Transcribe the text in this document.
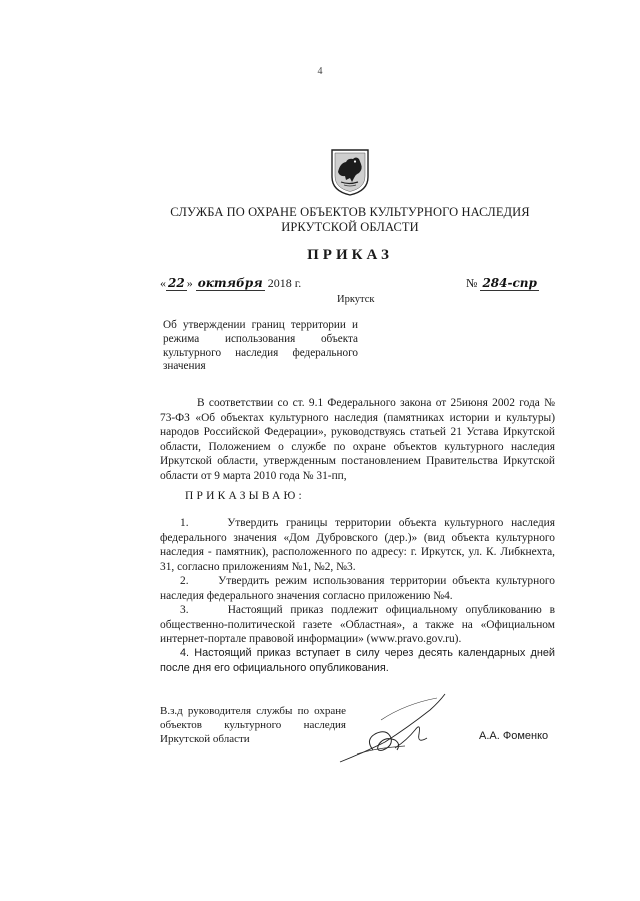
4
СЛУЖБА ПО ОХРАНЕ ОБЪЕКТОВ КУЛЬТУРНОГО НАСЛЕДИЯ
ИРКУТСКОЙ ОБЛАСТИ
ПРИКАЗ
« 22 » октября 2018 г.	№ 284-спр
Иркутск
Об утверждении границ территории и режима использования объекта культурного наследия федерального значения

В соответствии со ст. 9.1 Федерального закона от 25июня 2002 года № 73-ФЗ «Об объектах культурного наследия (памятниках истории и культуры) народов Российской Федерации», руководствуясь статьей 21 Устава Иркутской области, Положением о службе по охране объектов культурного наследия Иркутской области, утвержденным постановлением Правительства Иркутской области от 9 марта 2010 года № 31-пп,

ПРИКАЗЫВАЮ:

1.     Утвердить границы территории объекта культурного наследия федерального значения «Дом Дубровского (дер.)» (вид объекта культурного наследия - памятник), расположенного по адресу: г. Иркутск, ул. К. Либкнехта, 31, согласно приложениям №1, №2, №3.

2.     Утвердить режим использования территории объекта культурного наследия федерального значения согласно приложению №4.

3.     Настоящий приказ подлежит официальному опубликованию в общественно-политической газете «Областная», а также на «Официальном интернет-портале правовой информации» (www.pravo.gov.ru).

4. Настоящий приказ вступает в силу через десять календарных дней после дня его официального опубликования.

В.з.д руководителя службы по охране объектов культурного наследия Иркутской области	А.А. Фоменко
